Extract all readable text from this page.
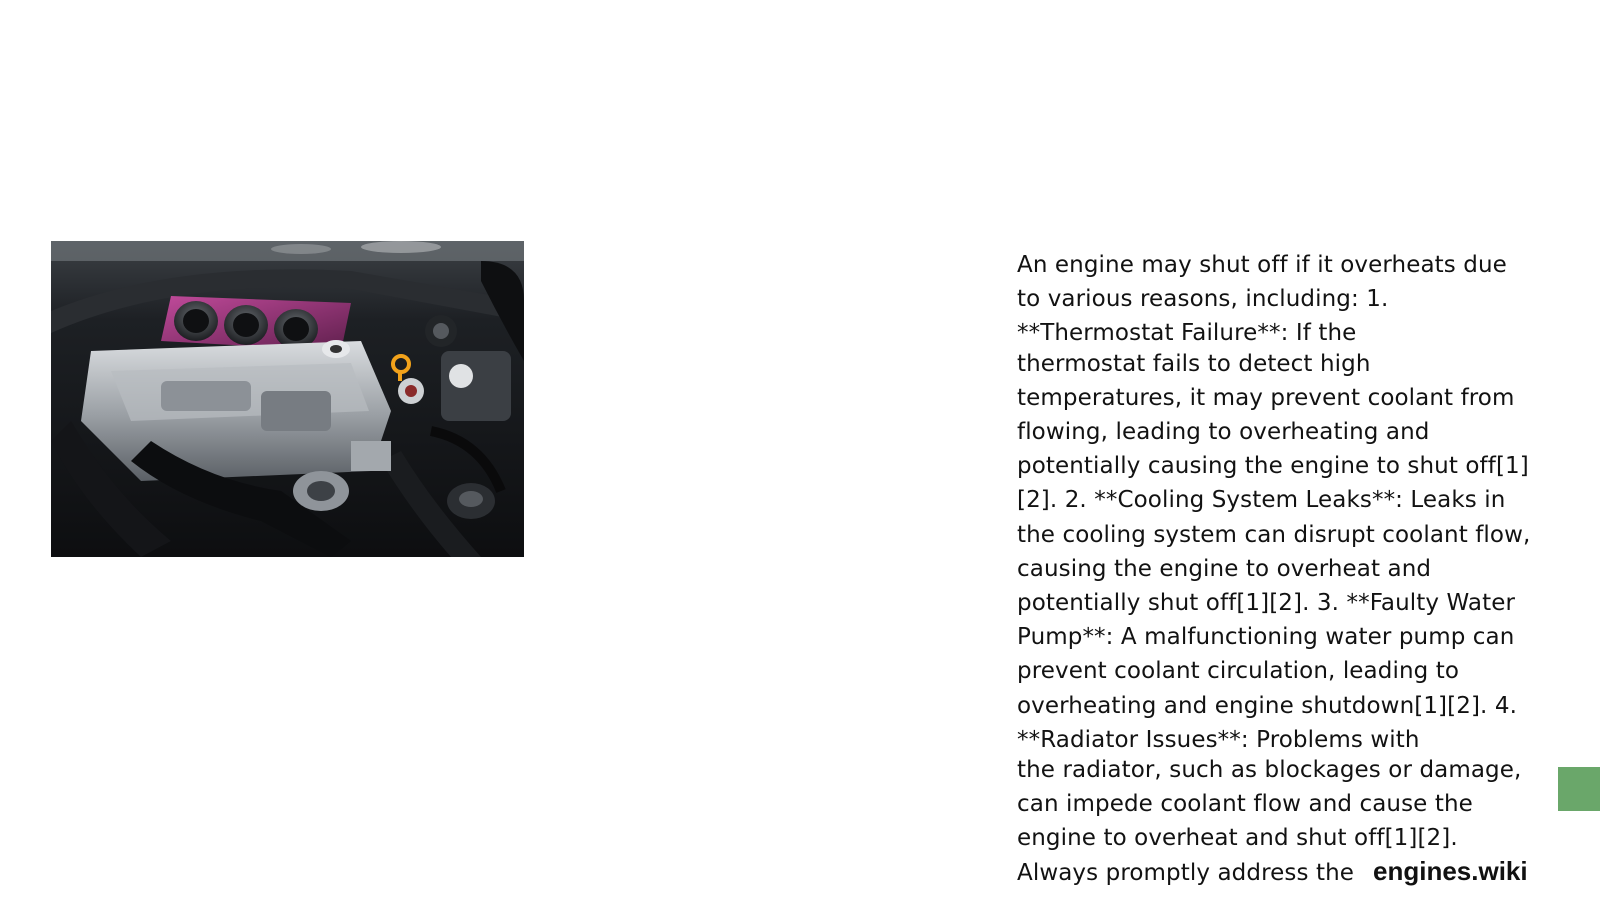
An engine may shut off if it overheats due to various reasons, including: 1. **Thermostat Failure**: If the

thermostat fails to detect high temperatures, it may prevent coolant from flowing, leading to overheating and potentially causing the engine to shut off[1][2]. 2. **Cooling System Leaks**: Leaks in the cooling system can disrupt coolant flow, causing the engine to overheat and potentially shut off[1][2]. 3. **Faulty Water Pump**: A malfunctioning water pump can prevent coolant circulation, leading to overheating and engine shutdown[1][2]. 4. **Radiator Issues**: Problems with

the radiator, such as blockages or damage, can impede coolant flow and cause the engine to overheat and shut off[1][2]. Always promptly address the engines.wiki
